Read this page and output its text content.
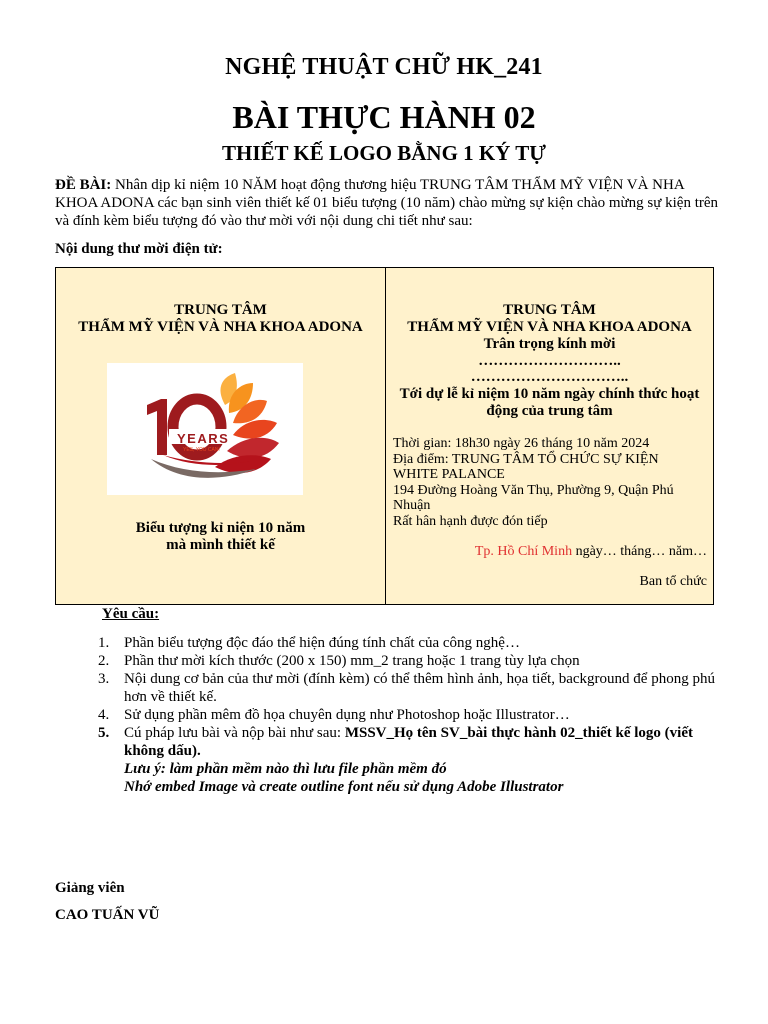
NGHỆ THUẬT CHỮ HK_241
BÀI THỰC HÀNH 02
THIẾT KẾ LOGO BẰNG 1 KÝ TỰ
ĐỀ BÀI: Nhân dịp kỉ niệm 10 NĂM hoạt động thương hiệu TRUNG TÂM THẨM MỸ VIỆN VÀ NHA KHOA ADONA các bạn sinh viên thiết kế 01 biểu tượng (10 năm) chào mừng sự kiện chào mừng sự kiện trên và đính kèm biểu tượng đó vào thư mời với nội dung chi tiết như sau:
Nội dung thư mời điện tử:
TRUNG TÂM
THẨM MỸ VIỆN VÀ NHA KHOA ADONA
YEARS
YES, YOU CAN!
Biểu tượng kỉ niện 10 năm
mà mình thiết kế
TRUNG TÂM
THẨM MỸ VIỆN VÀ NHA KHOA ADONA
Trân trọng kính mời
………………………..
…………………………..
Tới dự lễ kỉ niệm 10 năm ngày chính thức hoạt động của trung tâm
Thời gian: 18h30 ngày 26 tháng 10 năm 2024
Địa điểm: TRUNG TÂM TỔ CHỨC SỰ KIỆN WHITE PALANCE
194 Đường Hoàng Văn Thụ, Phường 9, Quận Phú Nhuận
Rất hân hạnh được đón tiếp
Tp. Hồ Chí Minh ngày… tháng… năm…
Ban tổ chức
Yêu cầu:
1. Phần biểu tượng độc đáo thể hiện đúng tính chất của công nghệ…
2. Phần thư mời kích thước (200 x 150) mm_2 trang hoặc 1 trang tùy lựa chọn
3. Nội dung cơ bản của thư mời (đính kèm) có thể thêm hình ảnh, họa tiết, background để phong phú hơn về thiết kế.
4. Sử dụng phần mêm đồ họa chuyên dụng như Photoshop hoặc Illustrator…
5. Cú pháp lưu bài và nộp bài như sau: MSSV_Họ tên SV_bài thực hành 02_thiết kế logo (viết không dấu).
Lưu ý: làm phần mềm nào thì lưu file phần mềm đó
Nhớ embed Image và create outline font nếu sử dụng Adobe Illustrator
Giảng viên
CAO TUẤN VŨ
